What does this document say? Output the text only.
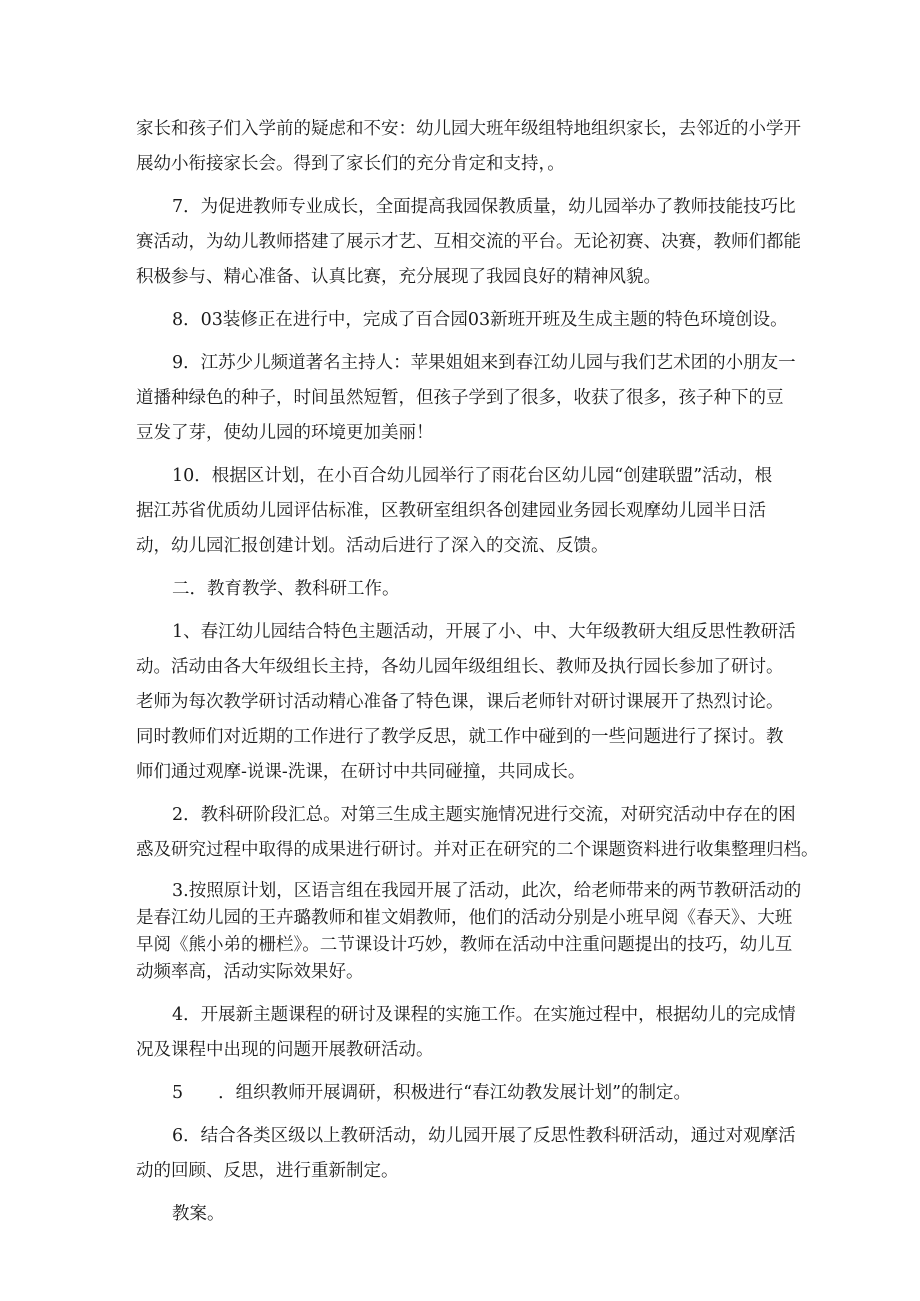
家长和孩子们入学前的疑虑和不安：幼儿园大班年级组特地组织家长，去邻近的小学开
展幼小衔接家长会。得到了家长们的充分肯定和支持，。
7．为促进教师专业成长，全面提高我园保教质量，幼儿园举办了教师技能技巧比
赛活动，为幼儿教师搭建了展示才艺、互相交流的平台。无论初赛、决赛，教师们都能
积极参与、精心准备、认真比赛，充分展现了我园良好的精神风貌。
8．03装修正在进行中，完成了百合园03新班开班及生成主题的特色环境创设。
9．江苏少儿频道著名主持人：苹果姐姐来到春江幼儿园与我们艺术团的小朋友一
道播种绿色的种子，时间虽然短暂，但孩子学到了很多，收获了很多，孩子种下的豆
豆发了芽，使幼儿园的环境更加美丽！
10．根据区计划，在小百合幼儿园举行了雨花台区幼儿园“创建联盟”活动，根
据江苏省优质幼儿园评估标准，区教研室组织各创建园业务园长观摩幼儿园半日活
动，幼儿园汇报创建计划。活动后进行了深入的交流、反馈。
二．教育教学、教科研工作。
1、春江幼儿园结合特色主题活动，开展了小、中、大年级教研大组反思性教研活
动。活动由各大年级组长主持，各幼儿园年级组组长、教师及执行园长参加了研讨。
老师为每次教学研讨活动精心准备了特色课，课后老师针对研讨课展开了热烈讨论。
同时教师们对近期的工作进行了教学反思，就工作中碰到的一些问题进行了探讨。教
师们通过观摩-说课-洗课，在研讨中共同碰撞，共同成长。
2．教科研阶段汇总。对第三生成主题实施情况进行交流，对研究活动中存在的困
惑及研究过程中取得的成果进行研讨。并对正在研究的二个课题资料进行收集整理归档。
3.按照原计划，区语言组在我园开展了活动，此次，给老师带来的两节教研活动的
是春江幼儿园的王卉璐教师和崔文娟教师，他们的活动分别是小班早阅《春天》、大班
早阅《熊小弟的栅栏》。二节课设计巧妙，教师在活动中注重问题提出的技巧，幼儿互
动频率高，活动实际效果好。
4．开展新主题课程的研讨及课程的实施工作。在实施过程中，根据幼儿的完成情
况及课程中出现的问题开展教研活动。
5　　．组织教师开展调研，积极进行“春江幼教发展计划”的制定。
6．结合各类区级以上教研活动，幼儿园开展了反思性教科研活动，通过对观摩活
动的回顾、反思，进行重新制定。
教案。
